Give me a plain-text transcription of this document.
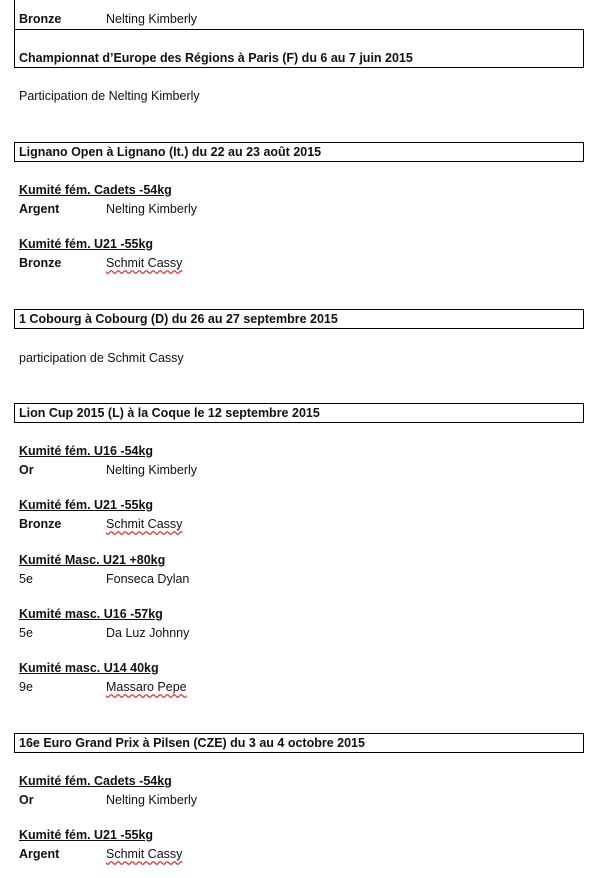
Bronze	Nelting Kimberly
Championnat d’Europe des Régions à Paris (F) du 6 au 7 juin 2015
Participation de Nelting Kimberly
Lignano Open à Lignano (It.) du 22 au 23 août 2015
Kumité fém. Cadets -54kg
Argent	Nelting Kimberly
Kumité fém. U21 -55kg
Bronze	Schmit Cassy
1 Cobourg à Cobourg (D) du 26 au 27 septembre 2015
participation de Schmit Cassy
Lion Cup 2015 (L) à la Coque le 12 septembre 2015
Kumité fém. U16 -54kg
Or	Nelting Kimberly
Kumité fém. U21 -55kg
Bronze	Schmit Cassy
Kumité Masc. U21 +80kg
5e	Fonseca Dylan
Kumité masc. U16 -57kg
5e	Da Luz Johnny
Kumité masc. U14 40kg
9e	Massaro Pepe
16e Euro Grand Prix à Pilsen (CZE) du 3 au 4 octobre 2015
Kumité fém. Cadets -54kg
Or	Nelting Kimberly
Kumité fém. U21 -55kg
Argent	Schmit Cassy
